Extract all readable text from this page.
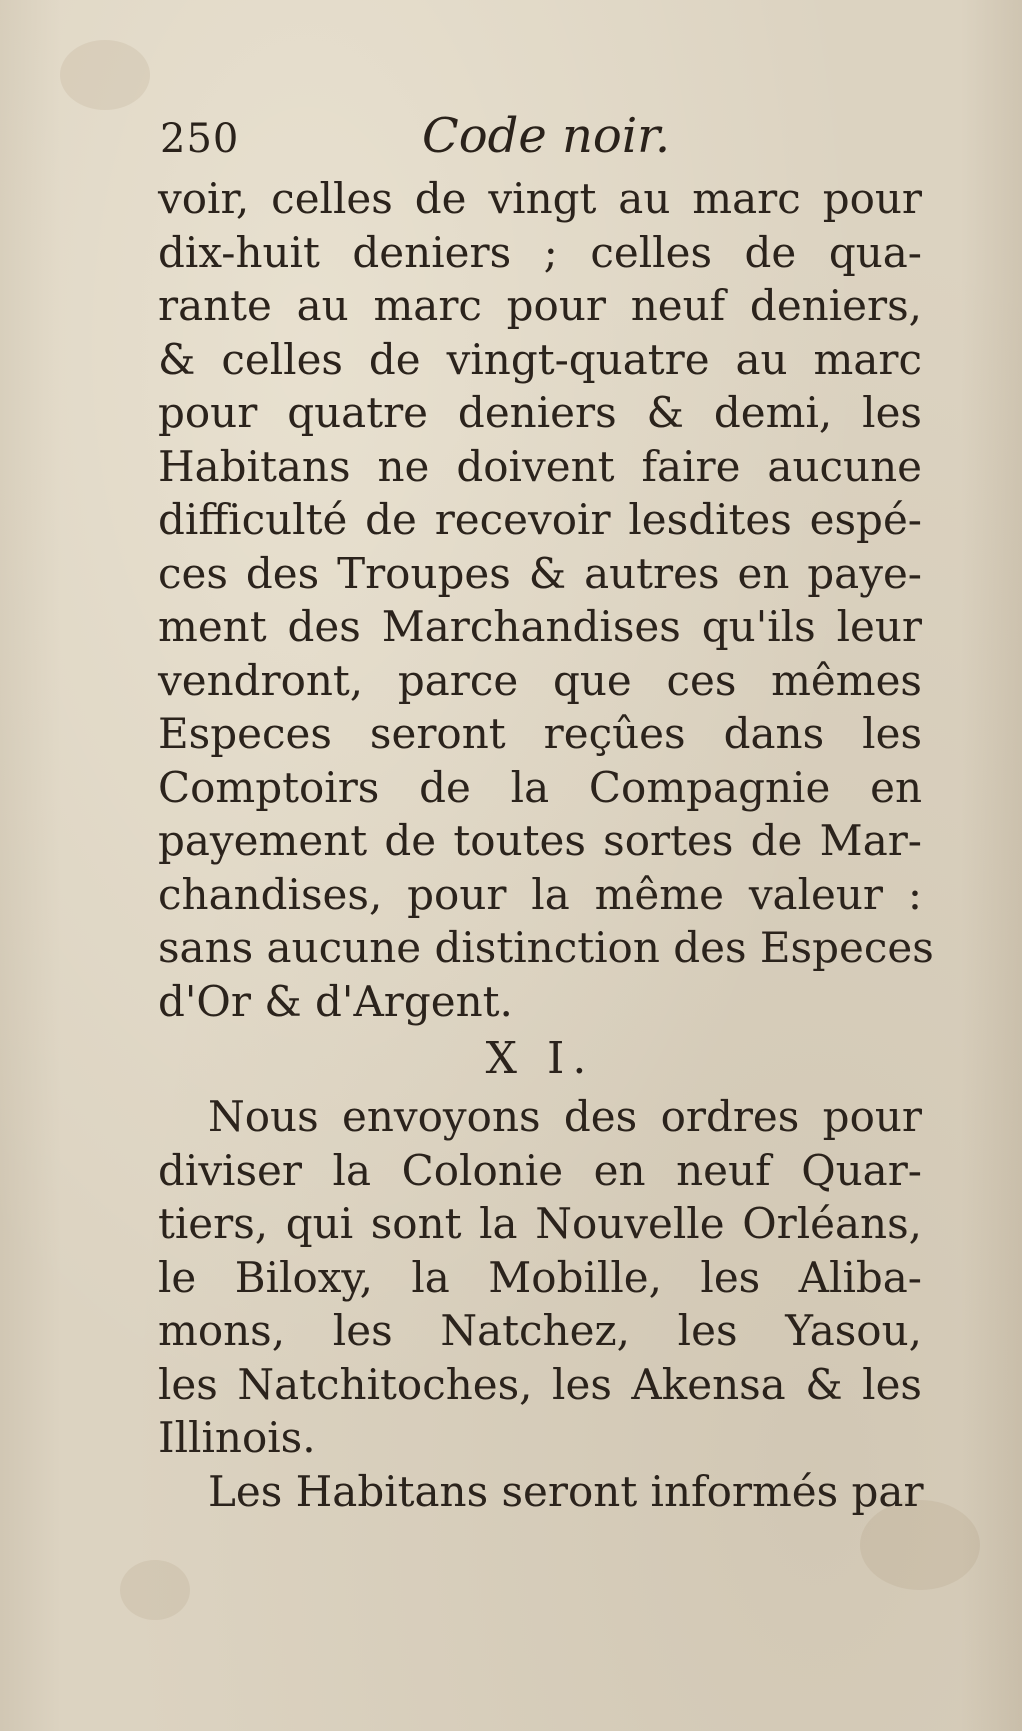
250	Code noir.
voir, celles de vingt au marc pour
dix-huit deniers ; celles de qua-
rante au marc pour neuf deniers,
& celles de vingt-quatre au marc
pour quatre deniers & demi, les
Habitans ne doivent faire aucune
difficulté de recevoir lesdites espé-
ces des Troupes & autres en paye-
ment des Marchandises qu'ils leur
vendront, parce que ces mêmes
Especes seront reçûes dans les
Comptoirs de la Compagnie en
payement de toutes sortes de Mar-
chandises, pour la même valeur :
sans aucune distinction des Especes
d'Or & d'Argent.
X I.
Nous envoyons des ordres pour
diviser la Colonie en neuf Quar-
tiers, qui sont la Nouvelle Orléans,
le Biloxy, la Mobille, les Aliba-
mons, les Natchez, les Yasou,
les Natchitoches, les Akensa & les
Illinois.
Les Habitans seront informés par
